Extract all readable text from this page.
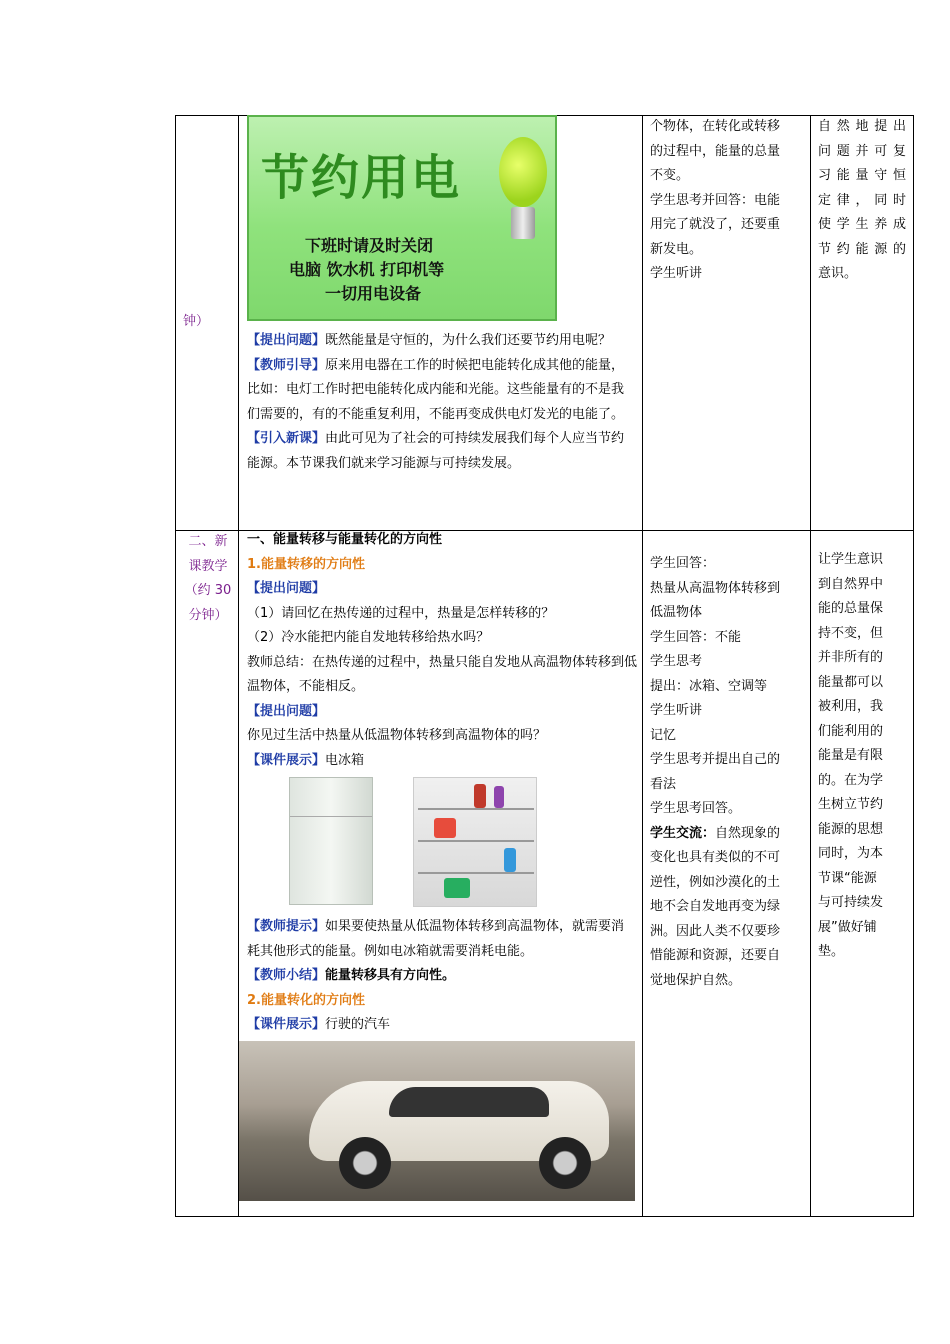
钟）
节约用电
下班时请及时关闭
电脑 饮水机 打印机等
一切用电设备

【提出问题】既然能量是守恒的，为什么我们还要节约用电呢？

【教师引导】原来用电器在工作的时候把电能转化成其他的能量，比如：电灯工作时把电能转化成内能和光能。这些能量有的不是我们需要的，有的不能重复利用，不能再变成供电灯发光的电能了。

【引入新课】由此可见为了社会的可持续发展我们每个人应当节约能源。本节课我们就来学习能源与可持续发展。

个物体，在转化或转移

的过程中，能量的总量

不变。

学生思考并回答：电能

用完了就没了，还要重

新发电。

学生听讲

自然地提出

问题并可复

习能量守恒

定律，同时

使学生养成

节约能源的

意识。

二、新

课教学

（约 30

分钟）

一、能量转移与能量转化的方向性

1.能量转移的方向性

【提出问题】

（1）请回忆在热传递的过程中，热量是怎样转移的？

（2）冷水能把内能自发地转移给热水吗？

教师总结：在热传递的过程中，热量只能自发地从高温物体转移到低温物体，不能相反。

【提出问题】

你见过生活中热量从低温物体转移到高温物体的吗？

【课件展示】电冰箱

【教师提示】如果要使热量从低温物体转移到高温物体，就需要消耗其他形式的能量。例如电冰箱就需要消耗电能。

【教师小结】能量转移具有方向性。

2.能量转化的方向性

【课件展示】行驶的汽车

学生回答：

热量从高温物体转移到

低温物体

学生回答：不能

学生思考

提出：冰箱、空调等

学生听讲

记忆

学生思考并提出自己的

看法

学生思考回答。

学生交流：自然现象的

变化也具有类似的不可

逆性，例如沙漠化的土

地不会自发地再变为绿

洲。因此人类不仅要珍

惜能源和资源，还要自

觉地保护自然。

让学生意识

到自然界中

能的总量保

持不变，但

并非所有的

能量都可以

被利用，我

们能利用的

能量是有限

的。在为学

生树立节约

能源的思想

同时，为本

节课“能源

与可持续发

展”做好铺

垫。
